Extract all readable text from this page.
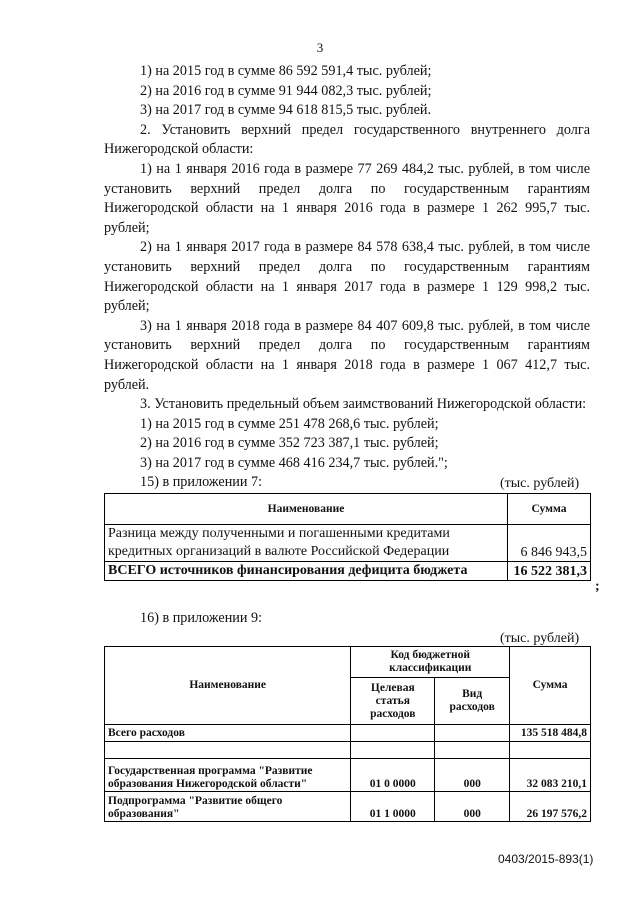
3

1) на 2015 год в сумме 86 592 591,4 тыс. рублей;

2) на 2016 год в сумме 91 944 082,3 тыс. рублей;

3) на 2017 год в сумме 94 618 815,5 тыс. рублей.

2. Установить верхний предел государственного внутреннего долга Нижегородской области:

1) на 1 января 2016 года в размере 77 269 484,2 тыс. рублей, в том числе установить верхний предел долга по государственным гарантиям Нижегородской области на 1 января 2016 года в размере 1 262 995,7 тыс. рублей;

2) на 1 января 2017 года в размере 84 578 638,4 тыс. рублей, в том числе установить верхний предел долга по государственным гарантиям Нижегородской области на 1 января 2017 года в размере 1 129 998,2 тыс. рублей;

3) на 1 января 2018 года в размере 84 407 609,8 тыс. рублей, в том числе установить верхний предел долга по государственным гарантиям Нижегородской области на 1 января 2018 года в размере 1 067 412,7 тыс. рублей.

3. Установить предельный объем заимствований Нижегородской области:

1) на 2015 год в сумме 251 478 268,6 тыс. рублей;

2) на 2016 год в сумме 352 723 387,1 тыс. рублей;

3) на 2017 год в сумме 468 416 234,7 тыс. рублей.";

15) в приложении 7:	(тыс. рублей)
Наименование	Сумма
Разница между полученными и погашенными кредитами кредитных организаций в валюте Российской Федерации	6 846 943,5
ВСЕГО источников финансирования дефицита бюджета	16 522 381,3
;
16) в приложении 9:
(тыс. рублей)
Наименование	Код бюджетной классификации		Сумма
	Целевая статья расходов	Вид расходов	
Всего расходов			135 518 484,8

Государственная программа "Развитие образования Нижегородской области"	01 0 0000	000	32 083 210,1
Подпрограмма "Развитие общего образования"	01 1 0000	000	26 197 576,2
0403/2015-893(1)
